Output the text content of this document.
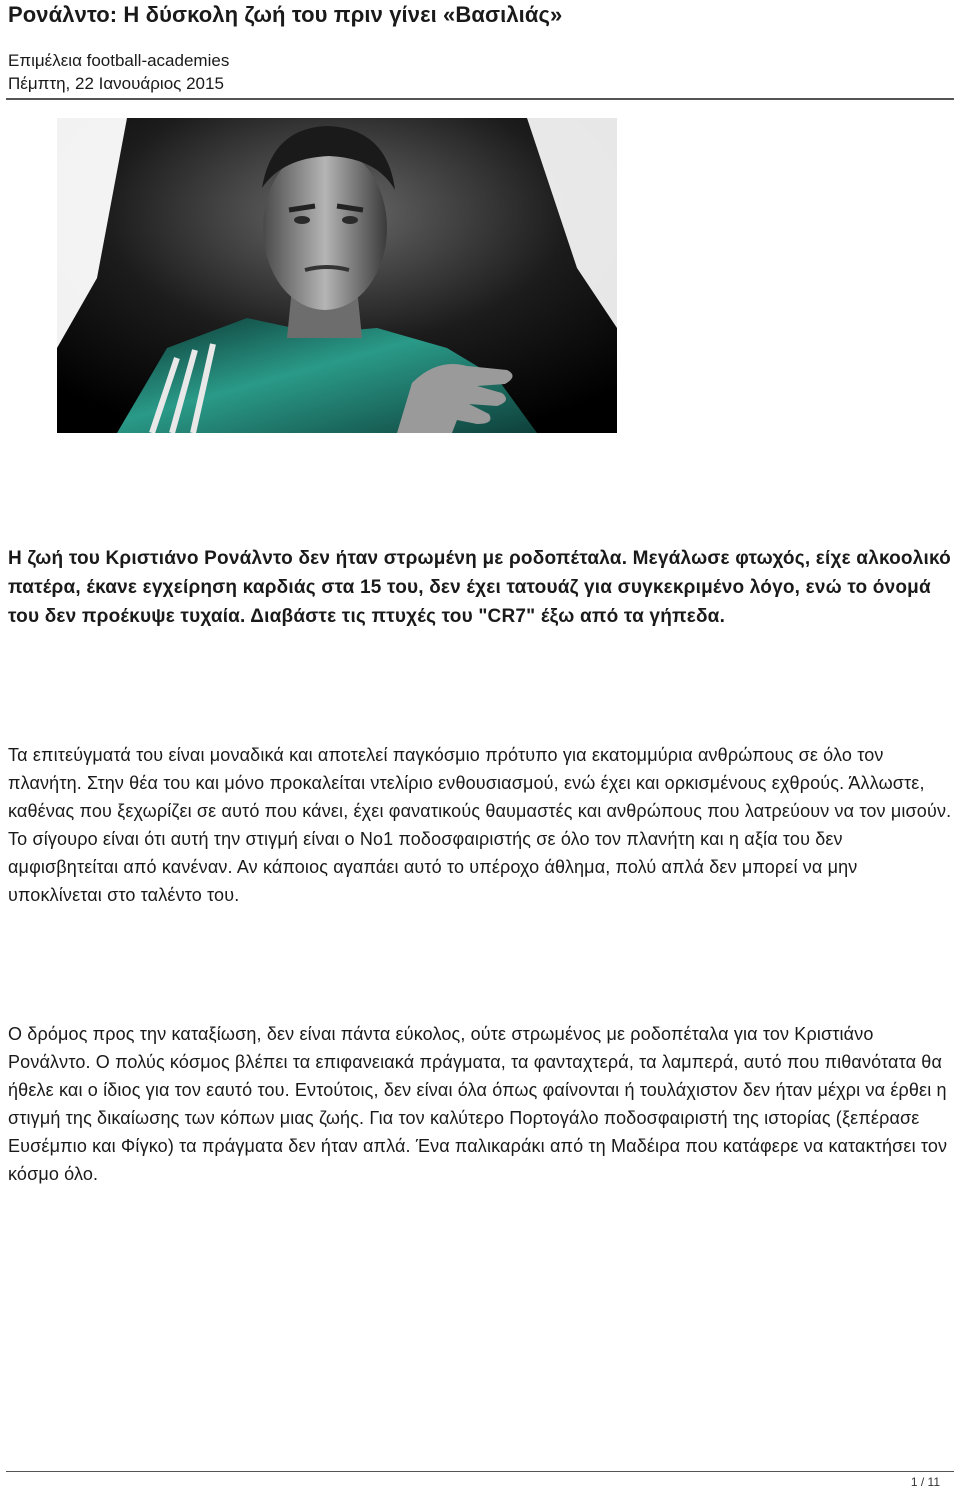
Ρονάλντο: Η δύσκολη ζωή του πριν γίνει «Βασιλιάς»
Επιμέλεια football-academies
Πέμπτη, 22 Ιανουάριος 2015
Η ζωή του Κριστιάνο Ρονάλντο δεν ήταν στρωμένη με ροδοπέταλα. Μεγάλωσε φτωχός, είχε αλκοολικό πατέρα, έκανε εγχείρηση καρδιάς στα 15 του, δεν έχει τατουάζ για συγκεκριμένο λόγο, ενώ το όνομά του δεν προέκυψε τυχαία. Διαβάστε τις πτυχές του "CR7" έξω από τα γήπεδα.
Τα επιτεύγματά του είναι μοναδικά και αποτελεί παγκόσμιο πρότυπο για εκατομμύρια ανθρώπους σε όλο τον πλανήτη. Στην θέα του και μόνο προκαλείται ντελίριο ενθουσιασμού, ενώ έχει και ορκισμένους εχθρούς. Άλλωστε, καθένας που ξεχωρίζει σε αυτό που κάνει, έχει φανατικούς θαυμαστές και ανθρώπους που λατρεύουν να τον μισούν. Το σίγουρο είναι ότι αυτή την στιγμή είναι ο Νο1 ποδοσφαιριστής σε όλο τον πλανήτη και η αξία του δεν αμφισβητείται από κανέναν. Αν κάποιος αγαπάει αυτό το υπέροχο άθλημα, πολύ απλά δεν μπορεί να μην υποκλίνεται στο ταλέντο του.
Ο δρόμος προς την καταξίωση, δεν είναι πάντα εύκολος, ούτε στρωμένος με ροδοπέταλα για τον Κριστιάνο Ρονάλντο. Ο πολύς κόσμος βλέπει τα επιφανειακά πράγματα, τα φανταχτερά, τα λαμπερά, αυτό που πιθανότατα θα ήθελε και ο ίδιος για τον εαυτό του. Εντούτοις, δεν είναι όλα όπως φαίνονται ή τουλάχιστον δεν ήταν μέχρι να έρθει η στιγμή της δικαίωσης των κόπων μιας ζωής. Για τον καλύτερο Πορτογάλο ποδοσφαιριστή της ιστορίας (ξεπέρασε Ευσέμπιο και Φίγκο) τα πράγματα δεν ήταν απλά. Ένα παλικαράκι από τη Μαδέιρα που κατάφερε να κατακτήσει τον κόσμο όλο.
1 / 11
